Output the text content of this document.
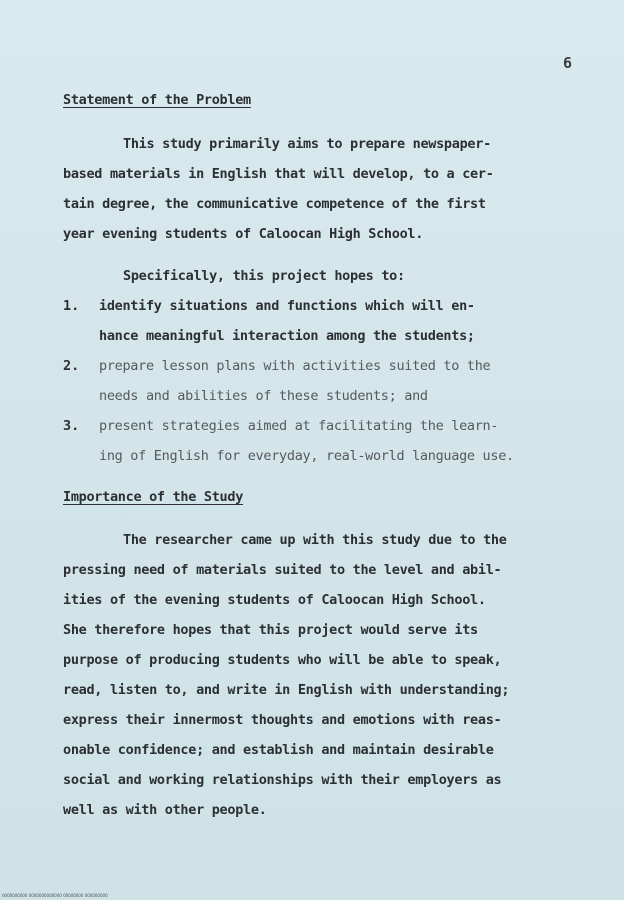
6
Statement of the Problem
This study primarily aims to prepare newspaper-
based materials in English that will develop, to a cer-
tain degree, the communicative competence of the first
year evening students of Caloocan High School.
Specifically, this project hopes to:
1. identify situations and functions which will en-
hance meaningful interaction among the students;
2. prepare lesson plans with activities suited to the
needs and abilities of these students; and
3. present strategies aimed at facilitating the learn-
ing of English for everyday, real-world language use.
Importance of the Study
The researcher came up with this study due to the
pressing need of materials suited to the level and abil-
ities of the evening students of Caloocan High School.
She therefore hopes that this project would serve its
purpose of producing students who will be able to speak,
read, listen to, and write in English with understanding;
express their innermost thoughts and emotions with reas-
onable confidence; and establish and maintain desirable
social and working relationships with their employers as
well as with other people.
0000000000 0000000000000 00000000 000000000
